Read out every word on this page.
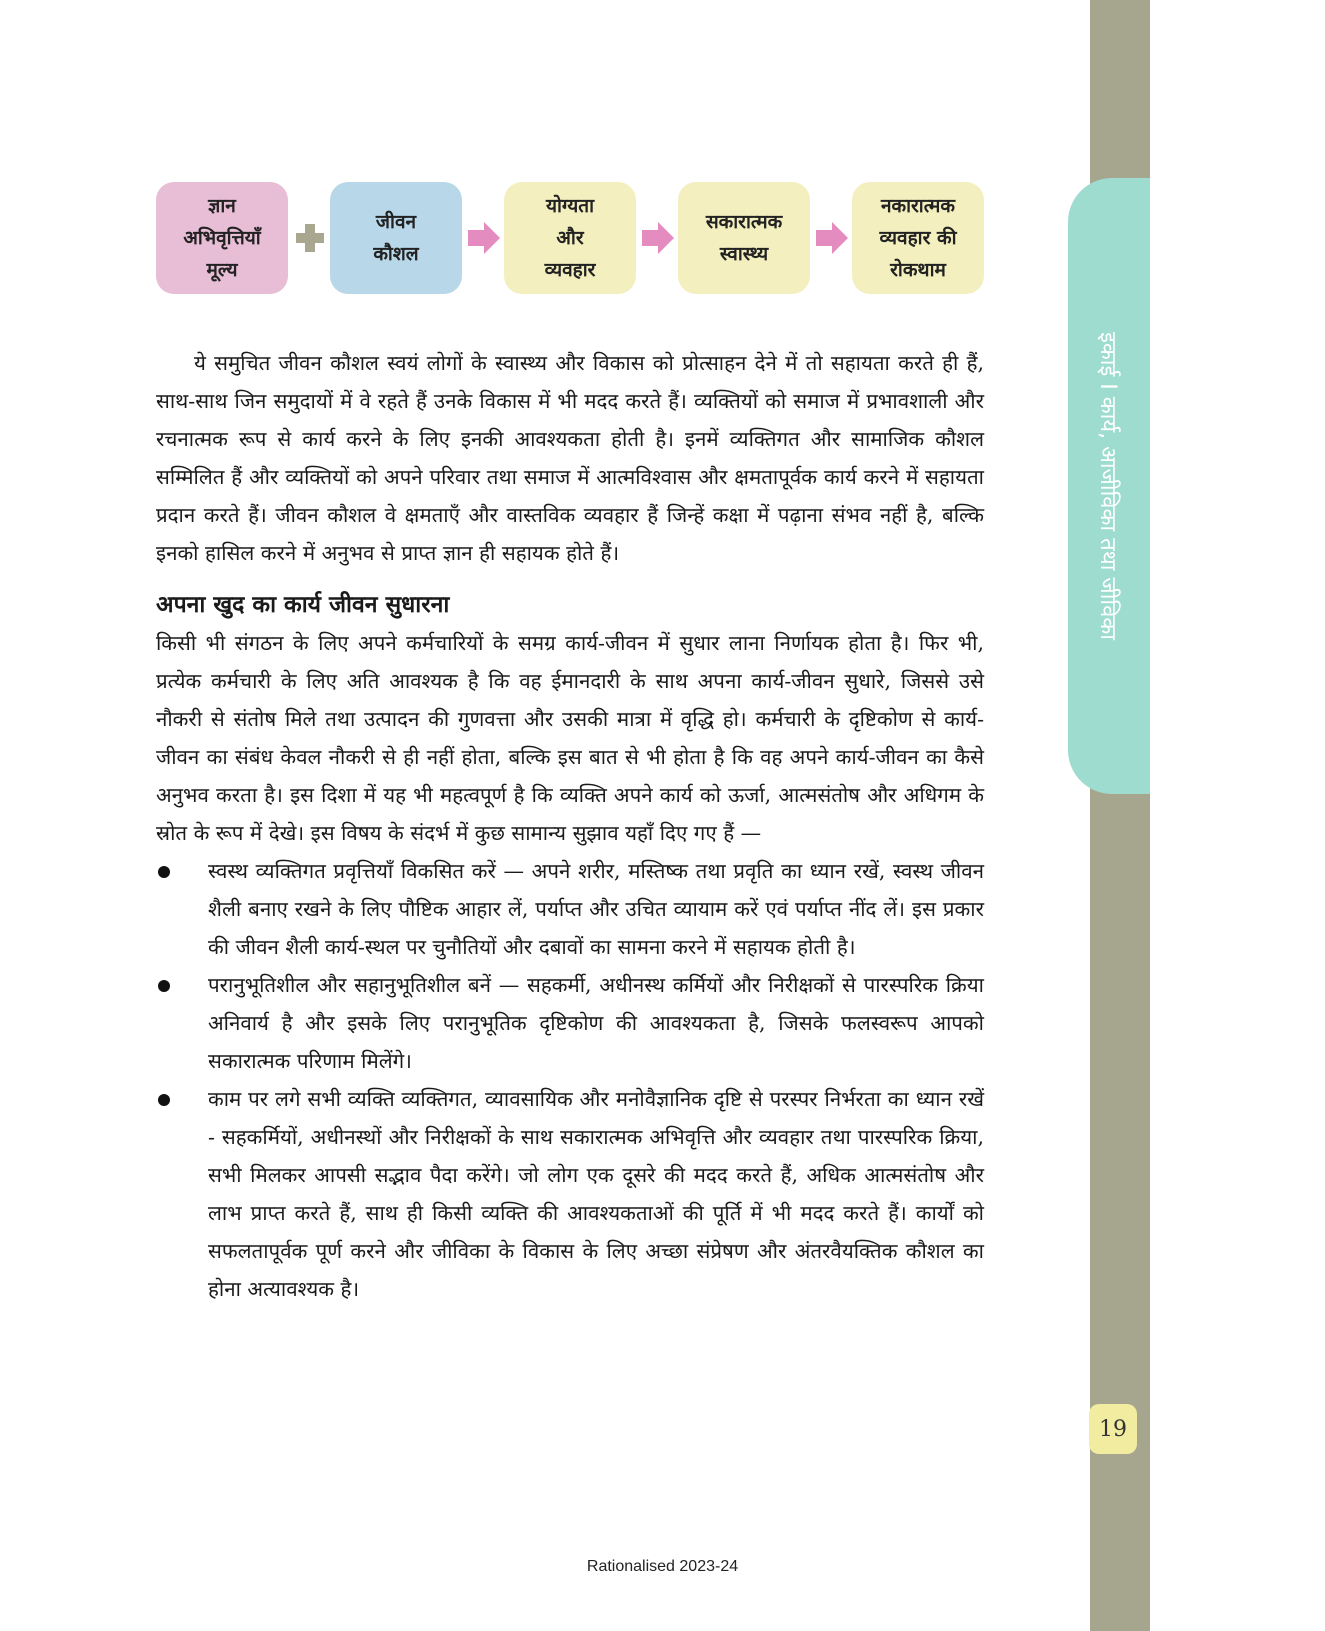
इकाई I कार्य, आजीविका तथा जीविका
19
ज्ञान
अभिवृत्तियाँ
मूल्य
जीवन
कौशल
योग्यता
और
व्यवहार
सकारात्मक
स्वास्थ्य
नकारात्मक
व्यवहार की
रोकथाम

ये समुचित जीवन कौशल स्वयं लोगों के स्वास्थ्य और विकास को प्रोत्साहन देने में तो सहायता करते ही हैं, साथ-साथ जिन समुदायों में वे रहते हैं उनके विकास में भी मदद करते हैं। व्यक्तियों को समाज में प्रभावशाली और रचनात्मक रूप से कार्य करने के लिए इनकी आवश्यकता होती है। इनमें व्यक्तिगत और सामाजिक कौशल सम्मिलित हैं और व्यक्तियों को अपने परिवार तथा समाज में आत्मविश्वास और क्षमतापूर्वक कार्य करने में सहायता प्रदान करते हैं। जीवन कौशल वे क्षमताएँ और वास्तविक व्यवहार हैं जिन्हें कक्षा में पढ़ाना संभव नहीं है, बल्कि इनको हासिल करने में अनुभव से प्राप्त ज्ञान ही सहायक होते हैं।

अपना खुद का कार्य जीवन सुधारना

किसी भी संगठन के लिए अपने कर्मचारियों के समग्र कार्य-जीवन में सुधार लाना निर्णायक होता है। फिर भी, प्रत्येक कर्मचारी के लिए अति आवश्यक है कि वह ईमानदारी के साथ अपना कार्य-जीवन सुधारे, जिससे उसे नौकरी से संतोष मिले तथा उत्पादन की गुणवत्ता और उसकी मात्रा में वृद्धि हो। कर्मचारी के दृष्टिकोण से कार्य-जीवन का संबंध केवल नौकरी से ही नहीं होता, बल्कि इस बात से भी होता है कि वह अपने कार्य-जीवन का कैसे अनुभव करता है। इस दिशा में यह भी महत्वपूर्ण है कि व्यक्ति अपने कार्य को ऊर्जा, आत्मसंतोष और अधिगम के स्रोत के रूप में देखे। इस विषय के संदर्भ में कुछ सामान्य सुझाव यहाँ दिए गए हैं —

स्वस्थ व्यक्तिगत प्रवृत्तियाँ विकसित करें — अपने शरीर, मस्तिष्क तथा प्रवृति का ध्यान रखें, स्वस्थ जीवन शैली बनाए रखने के लिए पौष्टिक आहार लें, पर्याप्त और उचित व्यायाम करें एवं पर्याप्त नींद लें। इस प्रकार की जीवन शैली कार्य-स्थल पर चुनौतियों और दबावों का सामना करने में सहायक होती है।

परानुभूतिशील और सहानुभूतिशील बनें — सहकर्मी, अधीनस्थ कर्मियों और निरीक्षकों से पारस्परिक क्रिया अनिवार्य है और इसके लिए परानुभूतिक दृष्टिकोण की आवश्यकता है, जिसके फलस्वरूप आपको सकारात्मक परिणाम मिलेंगे।

काम पर लगे सभी व्यक्ति व्यक्तिगत, व्यावसायिक और मनोवैज्ञानिक दृष्टि से परस्पर निर्भरता का ध्यान रखें - सहकर्मियों, अधीनस्थों और निरीक्षकों के साथ सकारात्मक अभिवृत्ति और व्यवहार तथा पारस्परिक क्रिया, सभी मिलकर आपसी सद्भाव पैदा करेंगे। जो लोग एक दूसरे की मदद करते हैं, अधिक आत्मसंतोष और लाभ प्राप्त करते हैं, साथ ही किसी व्यक्ति की आवश्यकताओं की पूर्ति में भी मदद करते हैं। कार्यों को सफलतापूर्वक पूर्ण करने और जीविका के विकास के लिए अच्छा संप्रेषण और अंतरवैयक्तिक कौशल का होना अत्यावश्यक है।

Rationalised 2023-24
